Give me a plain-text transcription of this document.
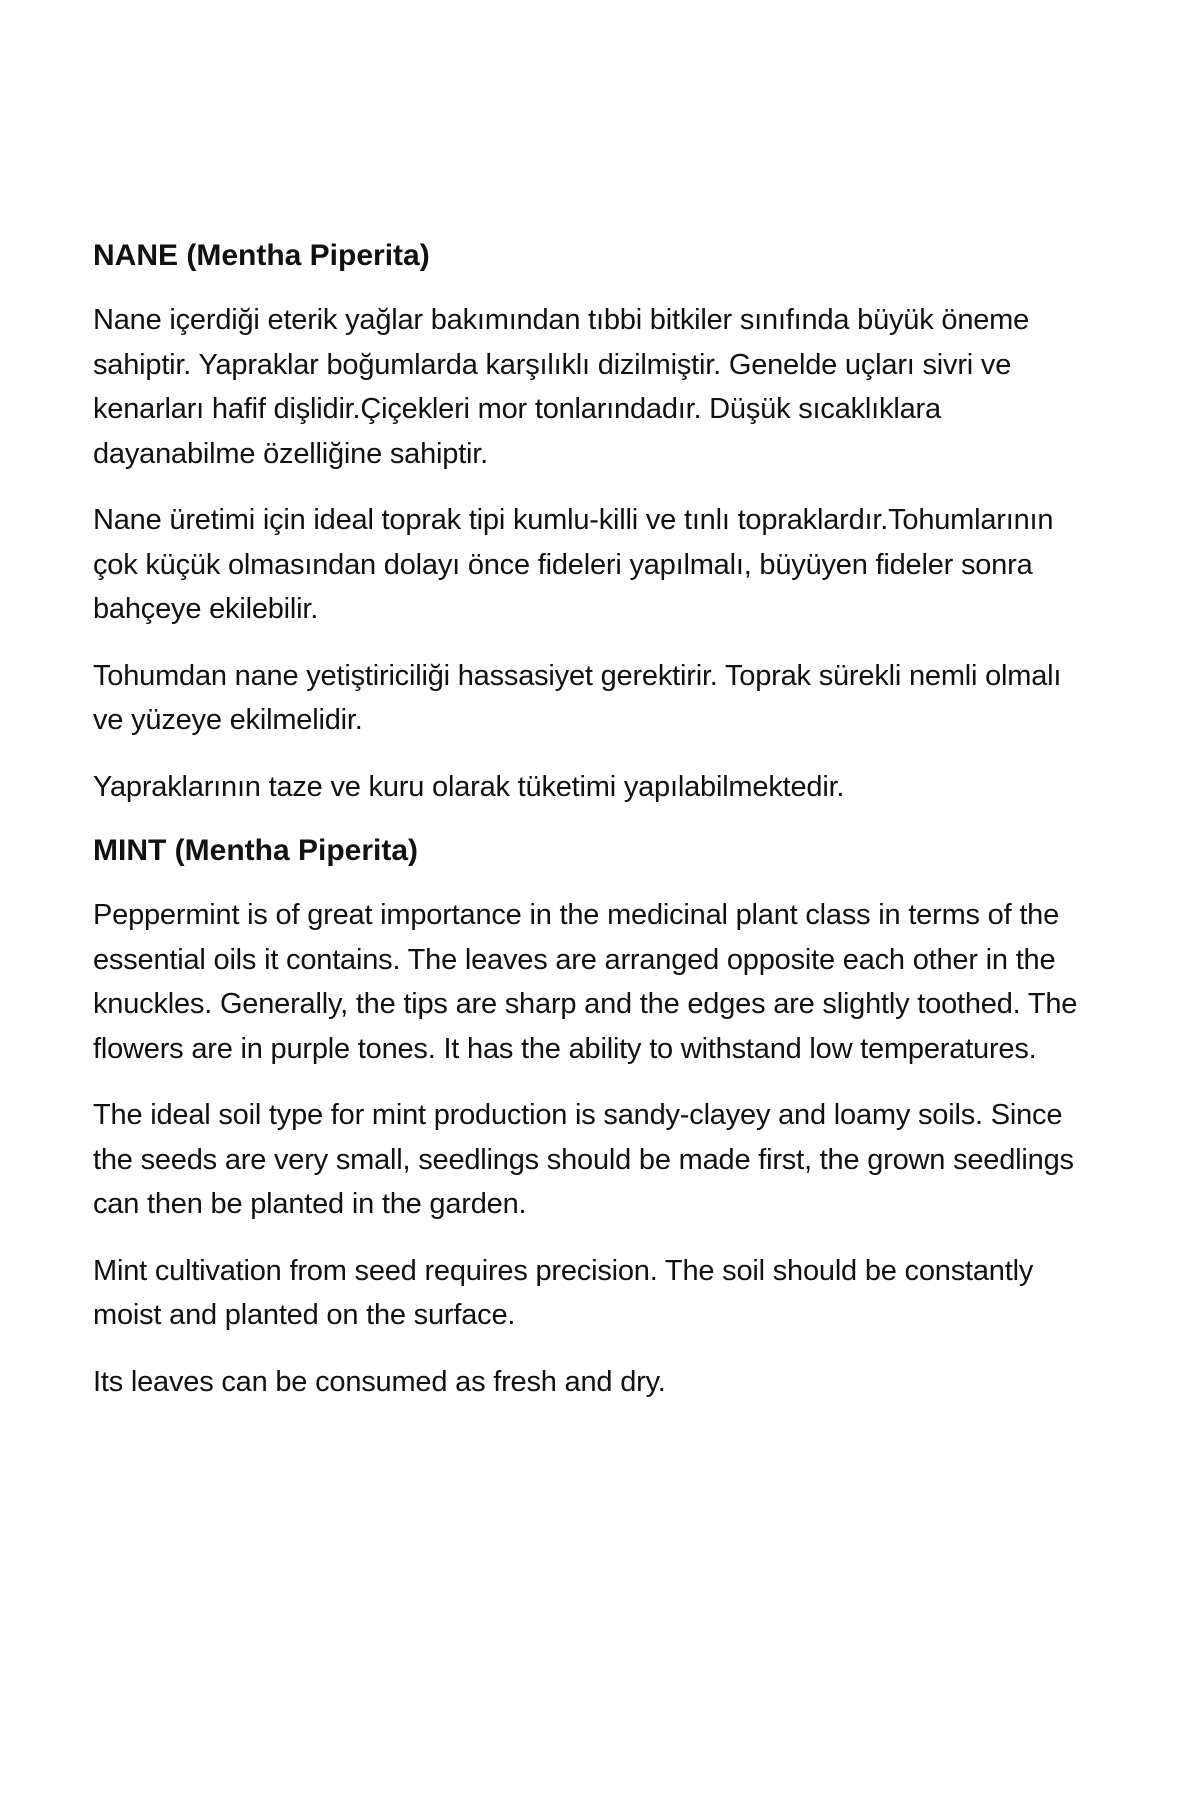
NANE (Mentha Piperita)

Nane içerdiği eterik yağlar bakımından tıbbi bitkiler sınıfında büyük öneme sahiptir. Yapraklar boğumlarda karşılıklı dizilmiştir. Genelde uçları sivri ve kenarları hafif dişlidir.Çiçekleri mor tonlarındadır. Düşük sıcaklıklara dayanabilme özelliğine sahiptir.

Nane üretimi için ideal toprak tipi kumlu-killi ve tınlı topraklardır.Tohumlarının çok küçük olmasından dolayı önce fideleri yapılmalı, büyüyen fideler sonra bahçeye ekilebilir.

Tohumdan nane yetiştiriciliği hassasiyet gerektirir. Toprak sürekli nemli olmalı ve yüzeye ekilmelidir.

Yapraklarının taze ve kuru olarak tüketimi yapılabilmektedir.

MINT (Mentha Piperita)

Peppermint is of great importance in the medicinal plant class in terms of the essential oils it contains. The leaves are arranged opposite each other in the knuckles. Generally, the tips are sharp and the edges are slightly toothed. The flowers are in purple tones. It has the ability to withstand low temperatures.

The ideal soil type for mint production is sandy-clayey and loamy soils. Since the seeds are very small, seedlings should be made first, the grown seedlings can then be planted in the garden.

Mint cultivation from seed requires precision. The soil should be constantly moist and planted on the surface.

Its leaves can be consumed as fresh and dry.
